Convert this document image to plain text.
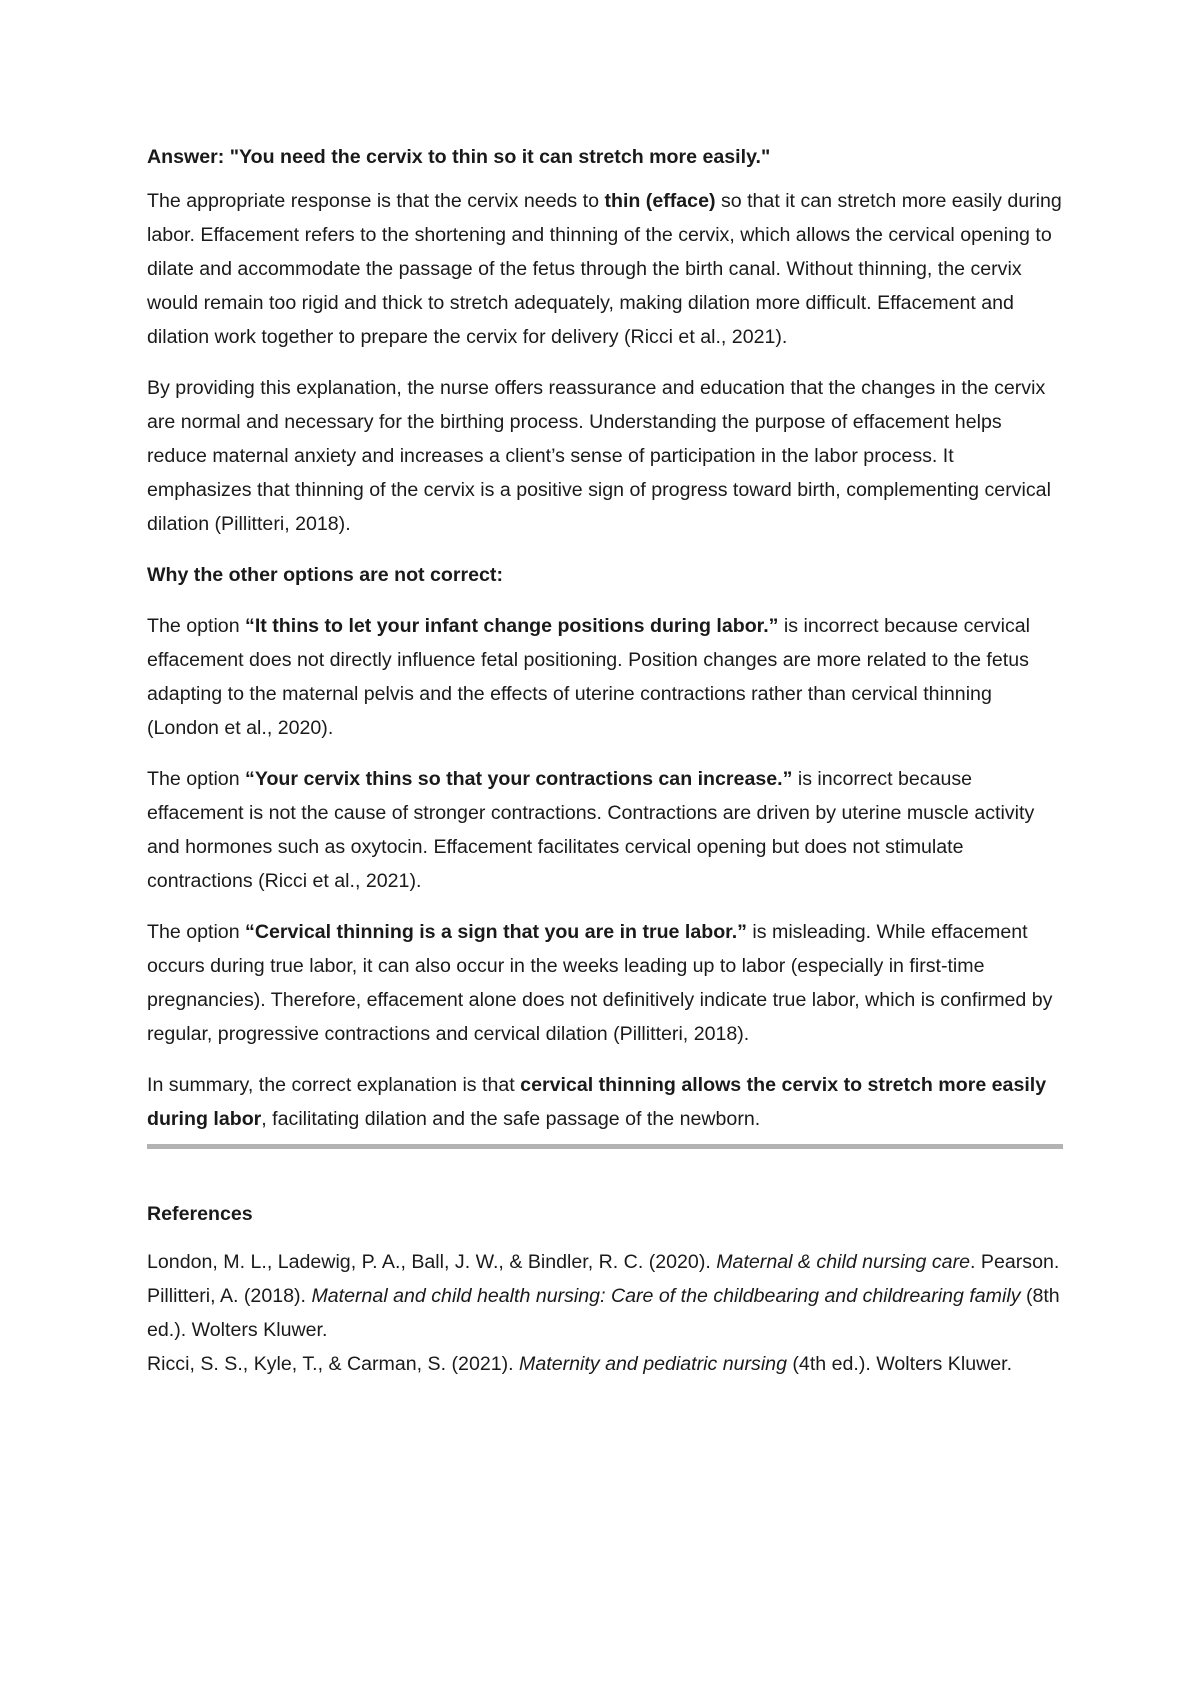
Answer: "You need the cervix to thin so it can stretch more easily."

The appropriate response is that the cervix needs to thin (efface) so that it can stretch more easily during labor. Effacement refers to the shortening and thinning of the cervix, which allows the cervical opening to dilate and accommodate the passage of the fetus through the birth canal. Without thinning, the cervix would remain too rigid and thick to stretch adequately, making dilation more difficult. Effacement and dilation work together to prepare the cervix for delivery (Ricci et al., 2021).

By providing this explanation, the nurse offers reassurance and education that the changes in the cervix are normal and necessary for the birthing process. Understanding the purpose of effacement helps reduce maternal anxiety and increases a client’s sense of participation in the labor process. It emphasizes that thinning of the cervix is a positive sign of progress toward birth, complementing cervical dilation (Pillitteri, 2018).

Why the other options are not correct:

The option “It thins to let your infant change positions during labor.” is incorrect because cervical effacement does not directly influence fetal positioning. Position changes are more related to the fetus adapting to the maternal pelvis and the effects of uterine contractions rather than cervical thinning (London et al., 2020).

The option “Your cervix thins so that your contractions can increase.” is incorrect because effacement is not the cause of stronger contractions. Contractions are driven by uterine muscle activity and hormones such as oxytocin. Effacement facilitates cervical opening but does not stimulate contractions (Ricci et al., 2021).

The option “Cervical thinning is a sign that you are in true labor.” is misleading. While effacement occurs during true labor, it can also occur in the weeks leading up to labor (especially in first-time pregnancies). Therefore, effacement alone does not definitively indicate true labor, which is confirmed by regular, progressive contractions and cervical dilation (Pillitteri, 2018).

In summary, the correct explanation is that cervical thinning allows the cervix to stretch more easily during labor, facilitating dilation and the safe passage of the newborn.

References

London, M. L., Ladewig, P. A., Ball, J. W., & Bindler, R. C. (2020). Maternal & child nursing care. Pearson.

Pillitteri, A. (2018). Maternal and child health nursing: Care of the childbearing and childrearing family (8th ed.). Wolters Kluwer.

Ricci, S. S., Kyle, T., & Carman, S. (2021). Maternity and pediatric nursing (4th ed.). Wolters Kluwer.
